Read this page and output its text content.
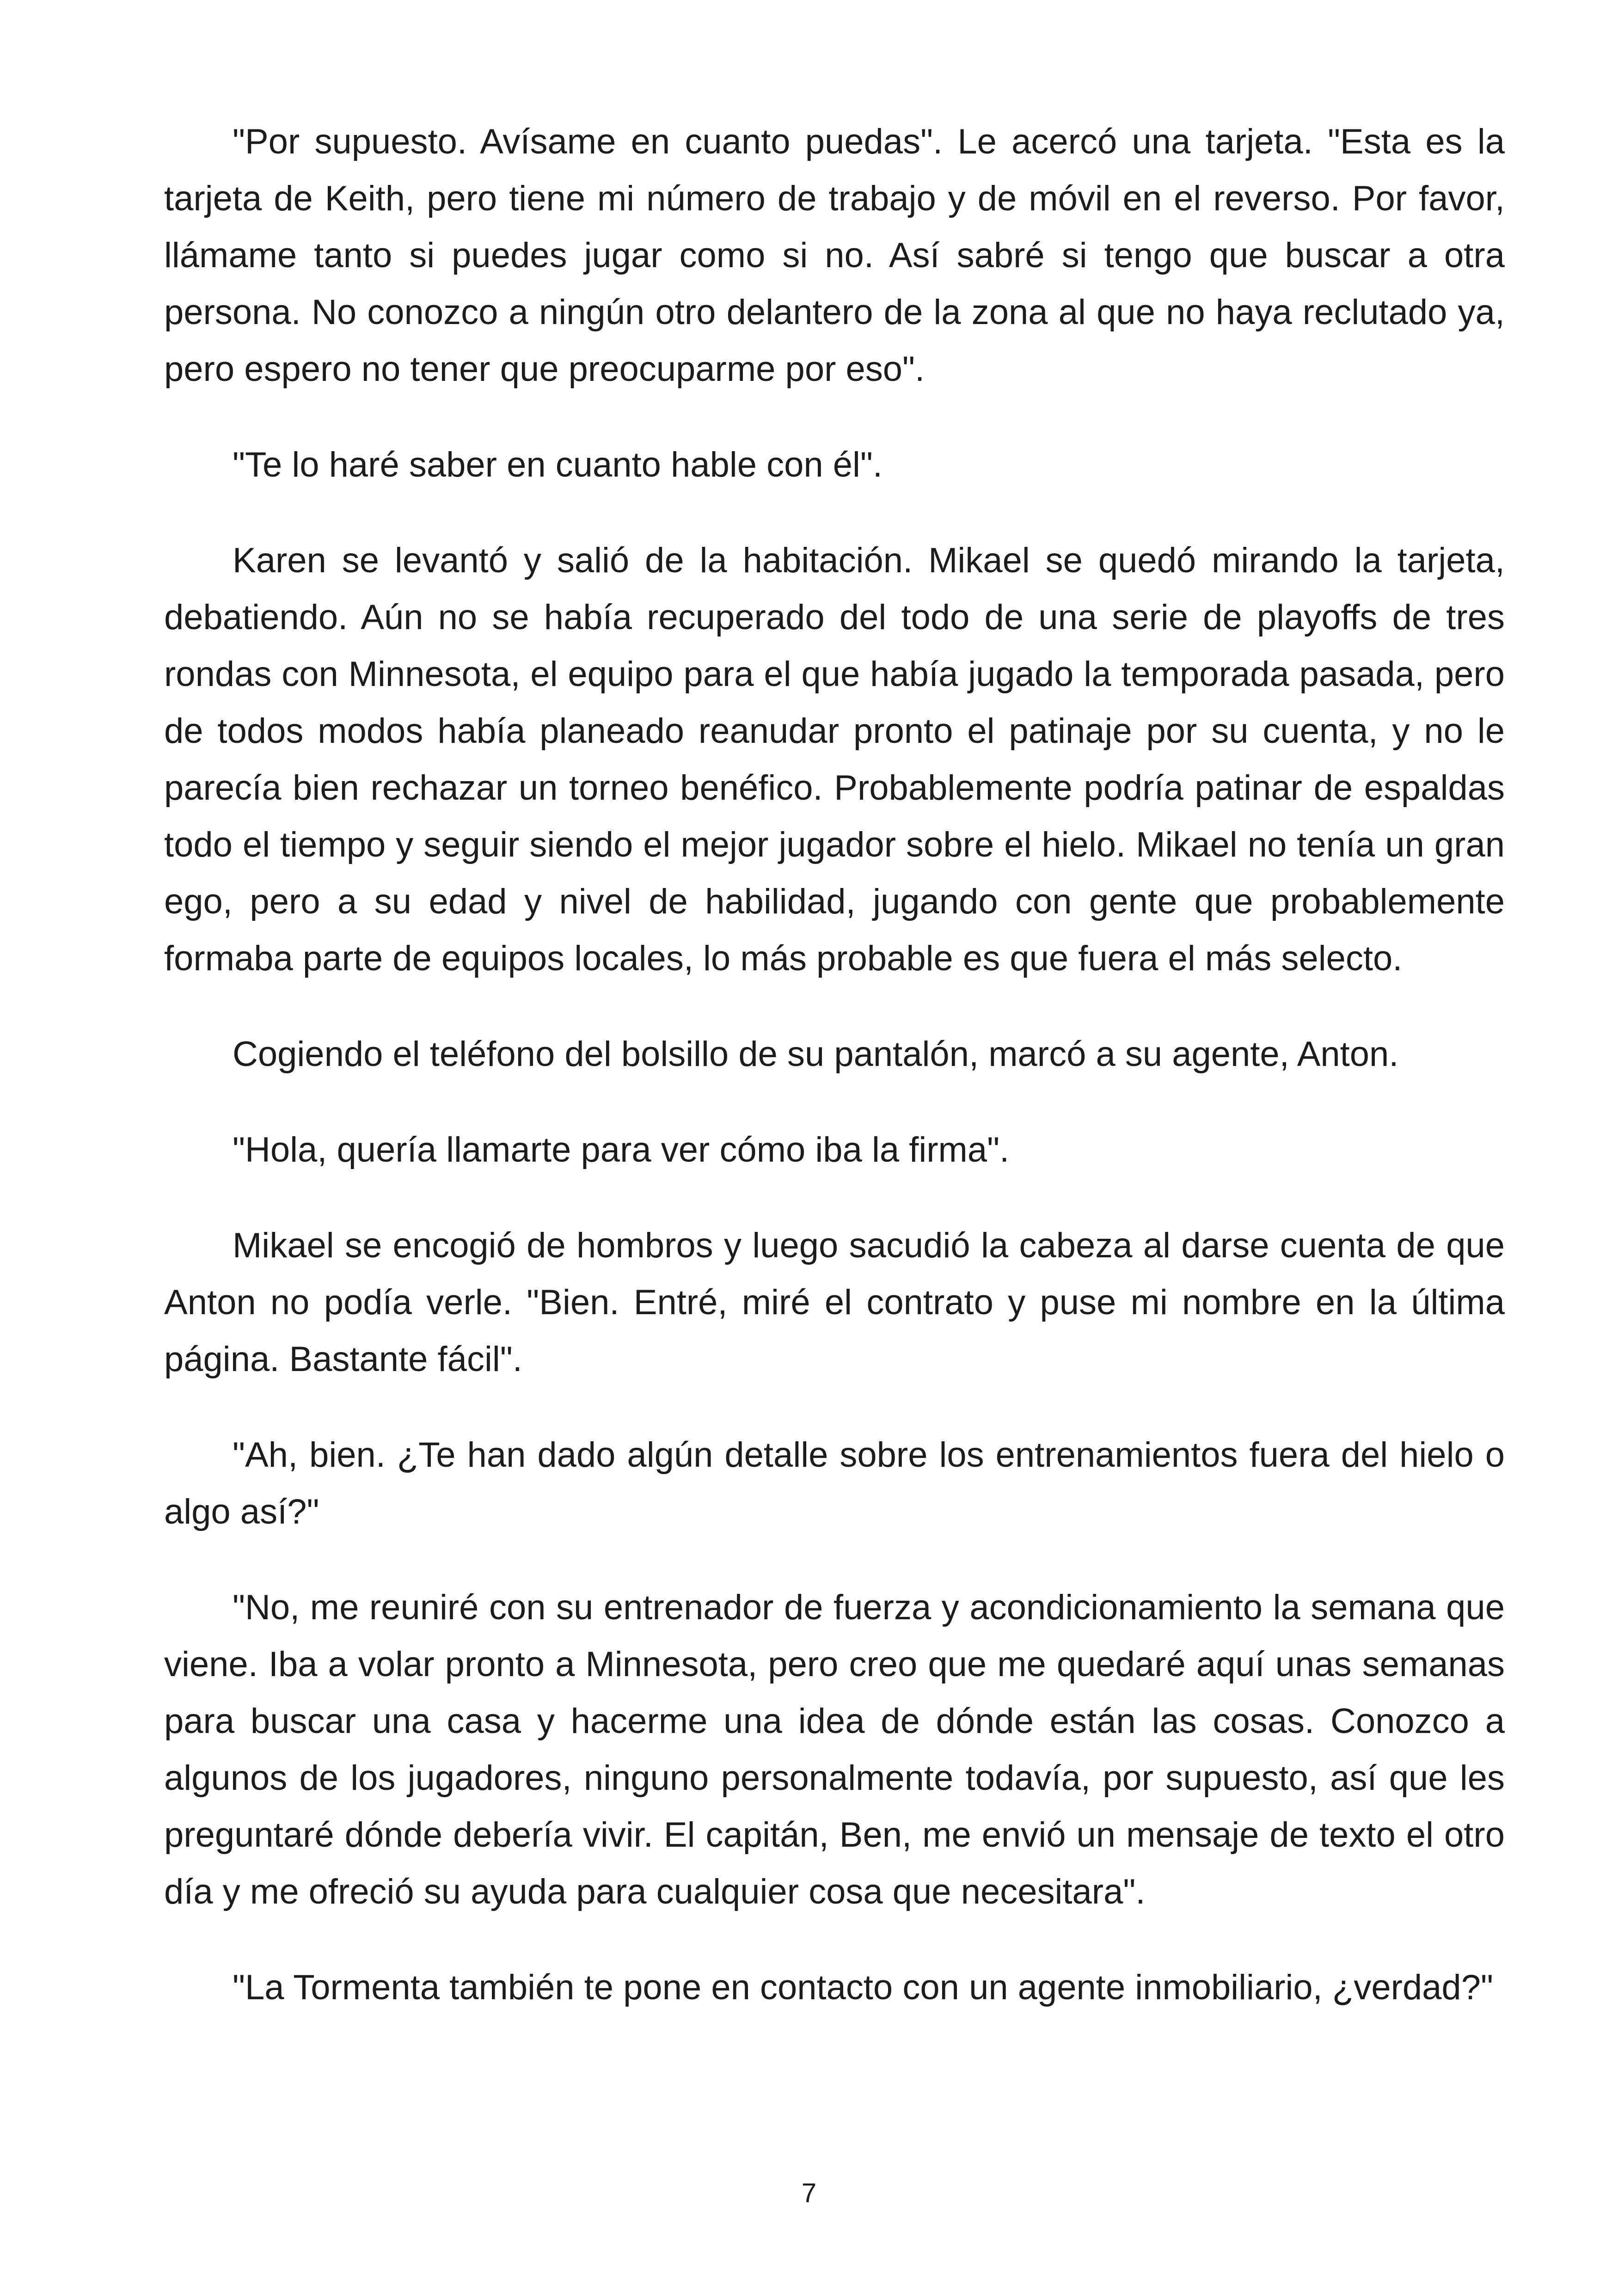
"Por supuesto. Avísame en cuanto puedas". Le acercó una tarjeta. "Esta es la tarjeta de Keith, pero tiene mi número de trabajo y de móvil en el reverso. Por favor, llámame tanto si puedes jugar como si no. Así sabré si tengo que buscar a otra persona. No conozco a ningún otro delantero de la zona al que no haya reclutado ya, pero espero no tener que preocuparme por eso".

"Te lo haré saber en cuanto hable con él".

Karen se levantó y salió de la habitación. Mikael se quedó mirando la tarjeta, debatiendo. Aún no se había recuperado del todo de una serie de playoffs de tres rondas con Minnesota, el equipo para el que había jugado la temporada pasada, pero de todos modos había planeado reanudar pronto el patinaje por su cuenta, y no le parecía bien rechazar un torneo benéfico. Probablemente podría patinar de espaldas todo el tiempo y seguir siendo el mejor jugador sobre el hielo. Mikael no tenía un gran ego, pero a su edad y nivel de habilidad, jugando con gente que probablemente formaba parte de equipos locales, lo más probable es que fuera el más selecto.

Cogiendo el teléfono del bolsillo de su pantalón, marcó a su agente, Anton.

"Hola, quería llamarte para ver cómo iba la firma".

Mikael se encogió de hombros y luego sacudió la cabeza al darse cuenta de que Anton no podía verle. "Bien. Entré, miré el contrato y puse mi nombre en la última página. Bastante fácil".

"Ah, bien. ¿Te han dado algún detalle sobre los entrenamientos fuera del hielo o algo así?"

"No, me reuniré con su entrenador de fuerza y acondicionamiento la semana que viene. Iba a volar pronto a Minnesota, pero creo que me quedaré aquí unas semanas para buscar una casa y hacerme una idea de dónde están las cosas. Conozco a algunos de los jugadores, ninguno personalmente todavía, por supuesto, así que les preguntaré dónde debería vivir. El capitán, Ben, me envió un mensaje de texto el otro día y me ofreció su ayuda para cualquier cosa que necesitara".

"La Tormenta también te pone en contacto con un agente inmobiliario, ¿verdad?"

7
